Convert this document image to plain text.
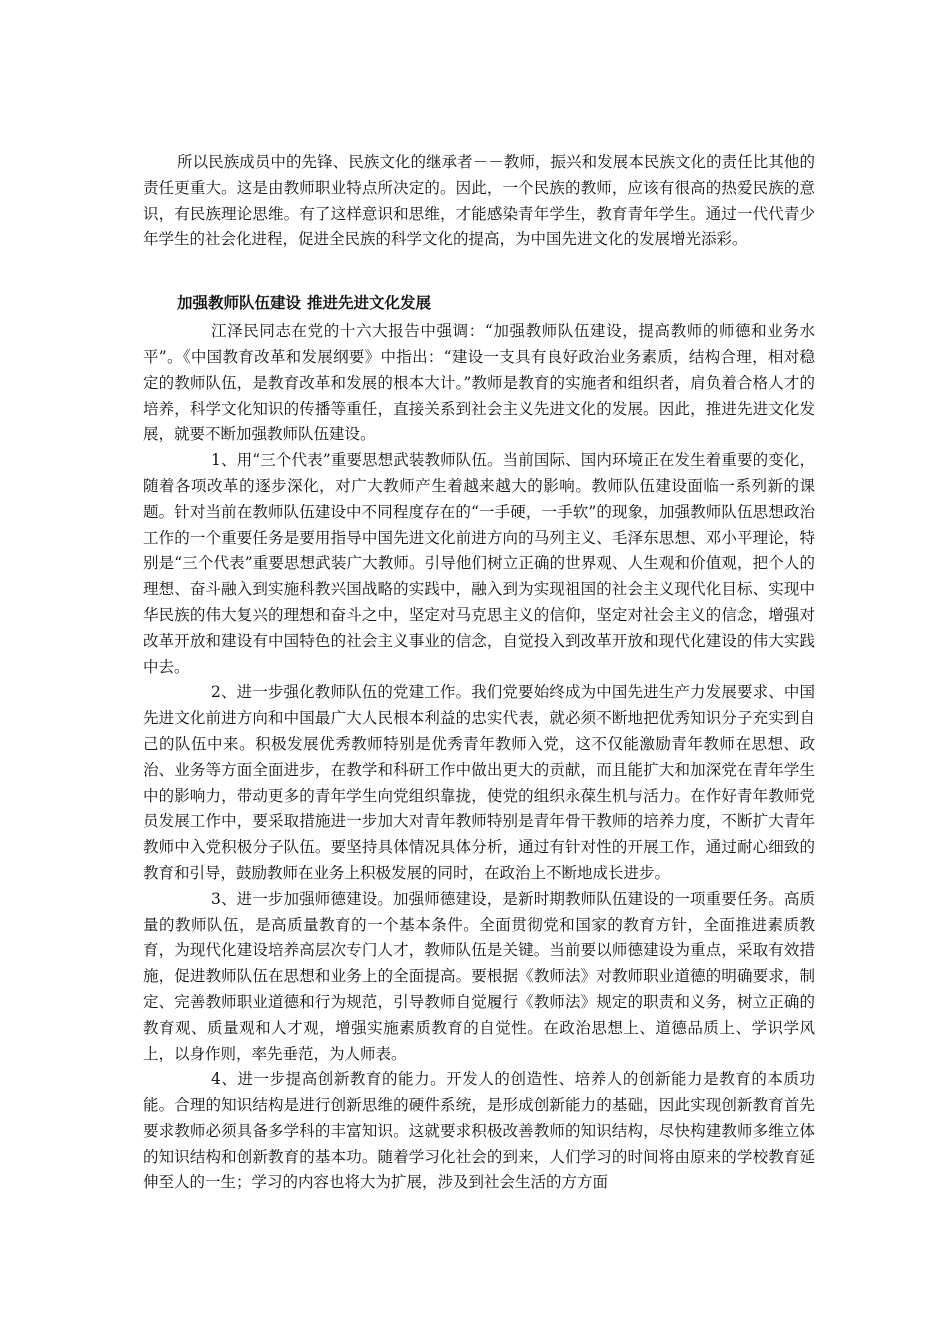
所以民族成员中的先锋、民族文化的继承者－－教师，振兴和发展本民族文化的责任比其他的责任更重大。这是由教师职业特点所决定的。因此，一个民族的教师，应该有很高的热爱民族的意识，有民族理论思维。有了这样意识和思维，才能感染青年学生，教育青年学生。通过一代代青少年学生的社会化进程，促进全民族的科学文化的提高，为中国先进文化的发展增光添彩。

加强教师队伍建设 推进先进文化发展

江泽民同志在党的十六大报告中强调：“加强教师队伍建设，提高教师的师德和业务水平”。《中国教育改革和发展纲要》中指出：“建设一支具有良好政治业务素质，结构合理，相对稳定的教师队伍，是教育改革和发展的根本大计。”教师是教育的实施者和组织者，肩负着合格人才的培养，科学文化知识的传播等重任，直接关系到社会主义先进文化的发展。因此，推进先进文化发展，就要不断加强教师队伍建设。

1、用“三个代表”重要思想武装教师队伍。当前国际、国内环境正在发生着重要的变化，随着各项改革的逐步深化，对广大教师产生着越来越大的影响。教师队伍建设面临一系列新的课题。针对当前在教师队伍建设中不同程度存在的“一手硬，一手软”的现象，加强教师队伍思想政治工作的一个重要任务是要用指导中国先进文化前进方向的马列主义、毛泽东思想、邓小平理论，特别是“三个代表”重要思想武装广大教师。引导他们树立正确的世界观、人生观和价值观，把个人的理想、奋斗融入到实施科教兴国战略的实践中，融入到为实现祖国的社会主义现代化目标、实现中华民族的伟大复兴的理想和奋斗之中，坚定对马克思主义的信仰，坚定对社会主义的信念，增强对改革开放和建设有中国特色的社会主义事业的信念，自觉投入到改革开放和现代化建设的伟大实践中去。

2、进一步强化教师队伍的党建工作。我们党要始终成为中国先进生产力发展要求、中国先进文化前进方向和中国最广大人民根本利益的忠实代表，就必须不断地把优秀知识分子充实到自己的队伍中来。积极发展优秀教师特别是优秀青年教师入党，这不仅能激励青年教师在思想、政治、业务等方面全面进步，在教学和科研工作中做出更大的贡献，而且能扩大和加深党在青年学生中的影响力，带动更多的青年学生向党组织靠拢，使党的组织永葆生机与活力。在作好青年教师党员发展工作中，要采取措施进一步加大对青年教师特别是青年骨干教师的培养力度，不断扩大青年教师中入党积极分子队伍。要坚持具体情况具体分析，通过有针对性的开展工作，通过耐心细致的教育和引导，鼓励教师在业务上积极发展的同时，在政治上不断地成长进步。

3、进一步加强师德建设。加强师德建设，是新时期教师队伍建设的一项重要任务。高质量的教师队伍，是高质量教育的一个基本条件。全面贯彻党和国家的教育方针，全面推进素质教育，为现代化建设培养高层次专门人才，教师队伍是关键。当前要以师德建设为重点，采取有效措施，促进教师队伍在思想和业务上的全面提高。要根据《教师法》对教师职业道德的明确要求，制定、完善教师职业道德和行为规范，引导教师自觉履行《教师法》规定的职责和义务，树立正确的教育观、质量观和人才观，增强实施素质教育的自觉性。在政治思想上、道德品质上、学识学风上，以身作则，率先垂范，为人师表。

4、进一步提高创新教育的能力。开发人的创造性、培养人的创新能力是教育的本质功能。合理的知识结构是进行创新思维的硬件系统，是形成创新能力的基础，因此实现创新教育首先要求教师必须具备多学科的丰富知识。这就要求积极改善教师的知识结构，尽快构建教师多维立体的知识结构和创新教育的基本功。随着学习化社会的到来，人们学习的时间将由原来的学校教育延伸至人的一生；学习的内容也将大为扩展，涉及到社会生活的方方面
